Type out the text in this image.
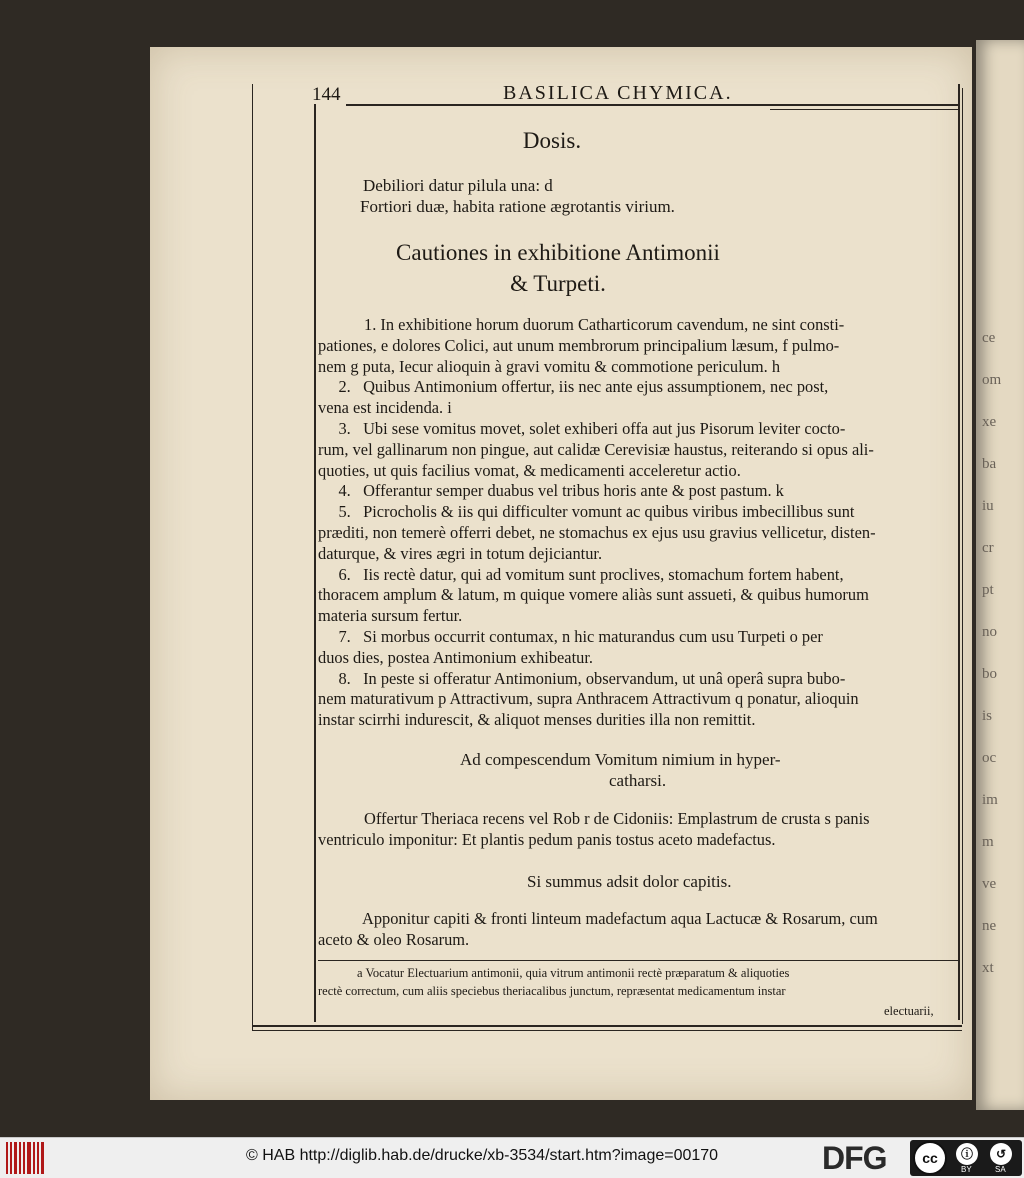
ce
om
xe
ba
iu
cr
pt
no
bo
is
oc
im
m
ve
ne
xt
144	BASILICA CHYMICA.
Dosis.
Debiliori datur pilula una: d
Fortiori duæ, habita ratione ægrotantis virium.
Cautiones in exhibitione Antimonii
& Turpeti.
1. In exhibitione horum duorum Catharticorum cavendum, ne sint consti-
pationes, e dolores Colici, aut unum membrorum principalium læsum, f pulmo-
nem g puta, Iecur alioquin à gravi vomitu & commotione periculum. h
2.   Quibus Antimonium offertur, iis nec ante ejus assumptionem, nec post,
vena est incidenda. i
3.   Ubi sese vomitus movet, solet exhiberi offa aut jus Pisorum leviter cocto-
rum, vel gallinarum non pingue, aut calidæ Cerevisiæ haustus, reiterando si opus ali-
quoties, ut quis facilius vomat, & medicamenti acceleretur actio.
4.   Offerantur semper duabus vel tribus horis ante & post pastum. k
5.   Picrocholis & iis qui difficulter vomunt ac quibus viribus imbecillibus sunt
præditi, non temerè offerri debet, ne stomachus ex ejus usu gravius vellicetur, disten-
daturque, & vires ægri in totum dejiciantur.
6.   Iis rectè datur, qui ad vomitum sunt proclives, stomachum fortem habent,
thoracem amplum & latum, m quique vomere aliàs sunt assueti, & quibus humorum
materia sursum fertur.
7.   Si morbus occurrit contumax, n hic maturandus cum usu Turpeti o per
duos dies, postea Antimonium exhibeatur.
8.   In peste si offeratur Antimonium, observandum, ut unâ operâ supra bubo-
nem maturativum p Attractivum, supra Anthracem Attractivum q ponatur, alioquin
instar scirrhi indurescit, & aliquot menses durities illa non remittit.
Ad compescendum Vomitum nimium in hyper-
catharsi.
Offertur Theriaca recens vel Rob r de Cidoniis: Emplastrum de crusta s panis
ventriculo imponitur: Et plantis pedum panis tostus aceto madefactus.
Si summus adsit dolor capitis.
Apponitur capiti & fronti linteum madefactum aqua Lactucæ & Rosarum, cum
aceto & oleo Rosarum.
a Vocatur Electuarium antimonii, quia vitrum antimonii rectè præparatum & aliquoties
rectè correctum, cum aliis speciebus theriacalibus junctum, repræsentat medicamentum instar
electuarii,
© HAB http://diglib.hab.de/drucke/xb-3534/start.htm?image=00170	DFG	cc	ⓘ	↺
BY	SA
